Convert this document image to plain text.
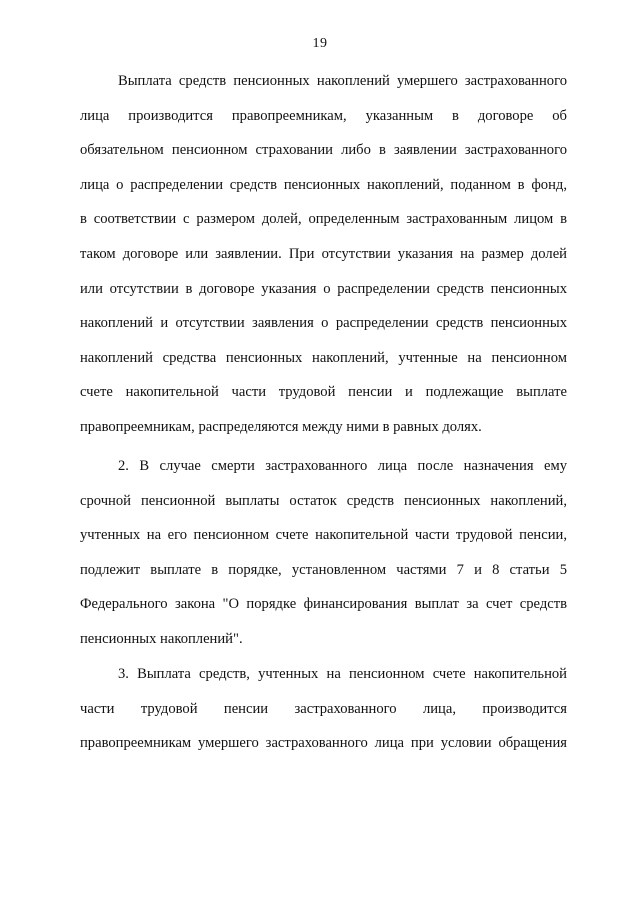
19
Выплата средств пенсионных накоплений умершего застрахованного
лица производится правопреемникам, указанным в договоре об
обязательном пенсионном страховании либо в заявлении застрахованного
лица о распределении средств пенсионных накоплений, поданном в фонд,
в соответствии с размером долей, определенным застрахованным лицом в
таком договоре или заявлении. При отсутствии указания на размер долей
или отсутствии в договоре указания о распределении средств пенсионных
накоплений и отсутствии заявления о распределении средств пенсионных
накоплений средства пенсионных накоплений, учтенные на пенсионном
счете накопительной части трудовой пенсии и подлежащие выплате
правопреемникам, распределяются между ними в равных долях.
2. В случае смерти застрахованного лица после назначения ему
срочной пенсионной выплаты остаток средств пенсионных накоплений,
учтенных на его пенсионном счете накопительной части трудовой пенсии,
подлежит выплате в порядке, установленном частями 7 и 8 статьи 5
Федерального закона "О порядке финансирования выплат за счет средств
пенсионных накоплений".
3. Выплата средств, учтенных на пенсионном счете накопительной
части трудовой пенсии застрахованного лица, производится
правопреемникам умершего застрахованного лица при условии обращения
